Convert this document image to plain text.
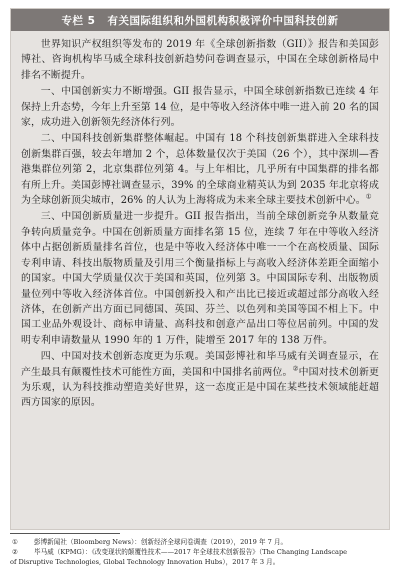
专栏 5 有关国际组织和外国机构积极评价中国科技创新

世界知识产权组织等发布的 2019 年《全球创新指数（GII）》报告和美国彭博社、咨询机构毕马威全球科技创新趋势问卷调查显示，中国在全球创新格局中排名不断提升。

一、中国创新实力不断增强。GII 报告显示，中国全球创新指数已连续 4 年保持上升态势，今年上升至第 14 位，是中等收入经济体中唯一进入前 20 名的国家，成功进入创新领先经济体行列。

二、中国科技创新集群整体崛起。中国有 18 个科技创新集群进入全球科技创新集群百强，较去年增加 2 个，总体数量仅次于美国（26 个），其中深圳—香港集群位列第 2，北京集群位列第 4。与上年相比，几乎所有中国集群的排名都有所上升。美国彭博社调查显示，39% 的全球商业精英认为到 2035 年北京将成为全球创新顶尖城市，26% 的人认为上海将成为未来全球主要技术创新中心。①

三、中国创新质量进一步提升。GII 报告指出，当前全球创新竞争从数量竞争转向质量竞争。中国在创新质量方面排名第 15 位，连续 7 年在中等收入经济体中占据创新质量排名首位，也是中等收入经济体中唯一一个在高校质量、国际专利申请、科技出版物质量及引用三个衡量指标上与高收入经济体差距全面缩小的国家。中国大学质量仅次于美国和英国，位列第 3。中国国际专利、出版物质量位列中等收入经济体首位。中国创新投入和产出比已接近或超过部分高收入经济体，在创新产出方面已同德国、英国、芬兰、以色列和美国等国不相上下。中国工业品外观设计、商标申请量、高科技和创意产品出口等位居前列。中国的发明专利申请数量从 1990 年的 1 万件，陡增至 2017 年的 138 万件。

四、中国对技术创新态度更为乐观。美国彭博社和毕马威有关调查显示，在产生最具有颠覆性技术可能性方面，美国和中国排名前两位。②中国对技术创新更为乐观，认为科技推动塑造美好世界，这一态度正是中国在某些技术领域能赶超西方国家的原因。

① 彭博新闻社（Bloomberg News）：创新经济全球问卷调查（2019），2019 年 7 月。
② 毕马威（KPMG）：《改变现状的颠覆性技术——2017 年全球技术创新报告》（The Changing Landscape
of Disruptive Technologies, Global Technology Innovation Hubs），2017 年 3 月。
